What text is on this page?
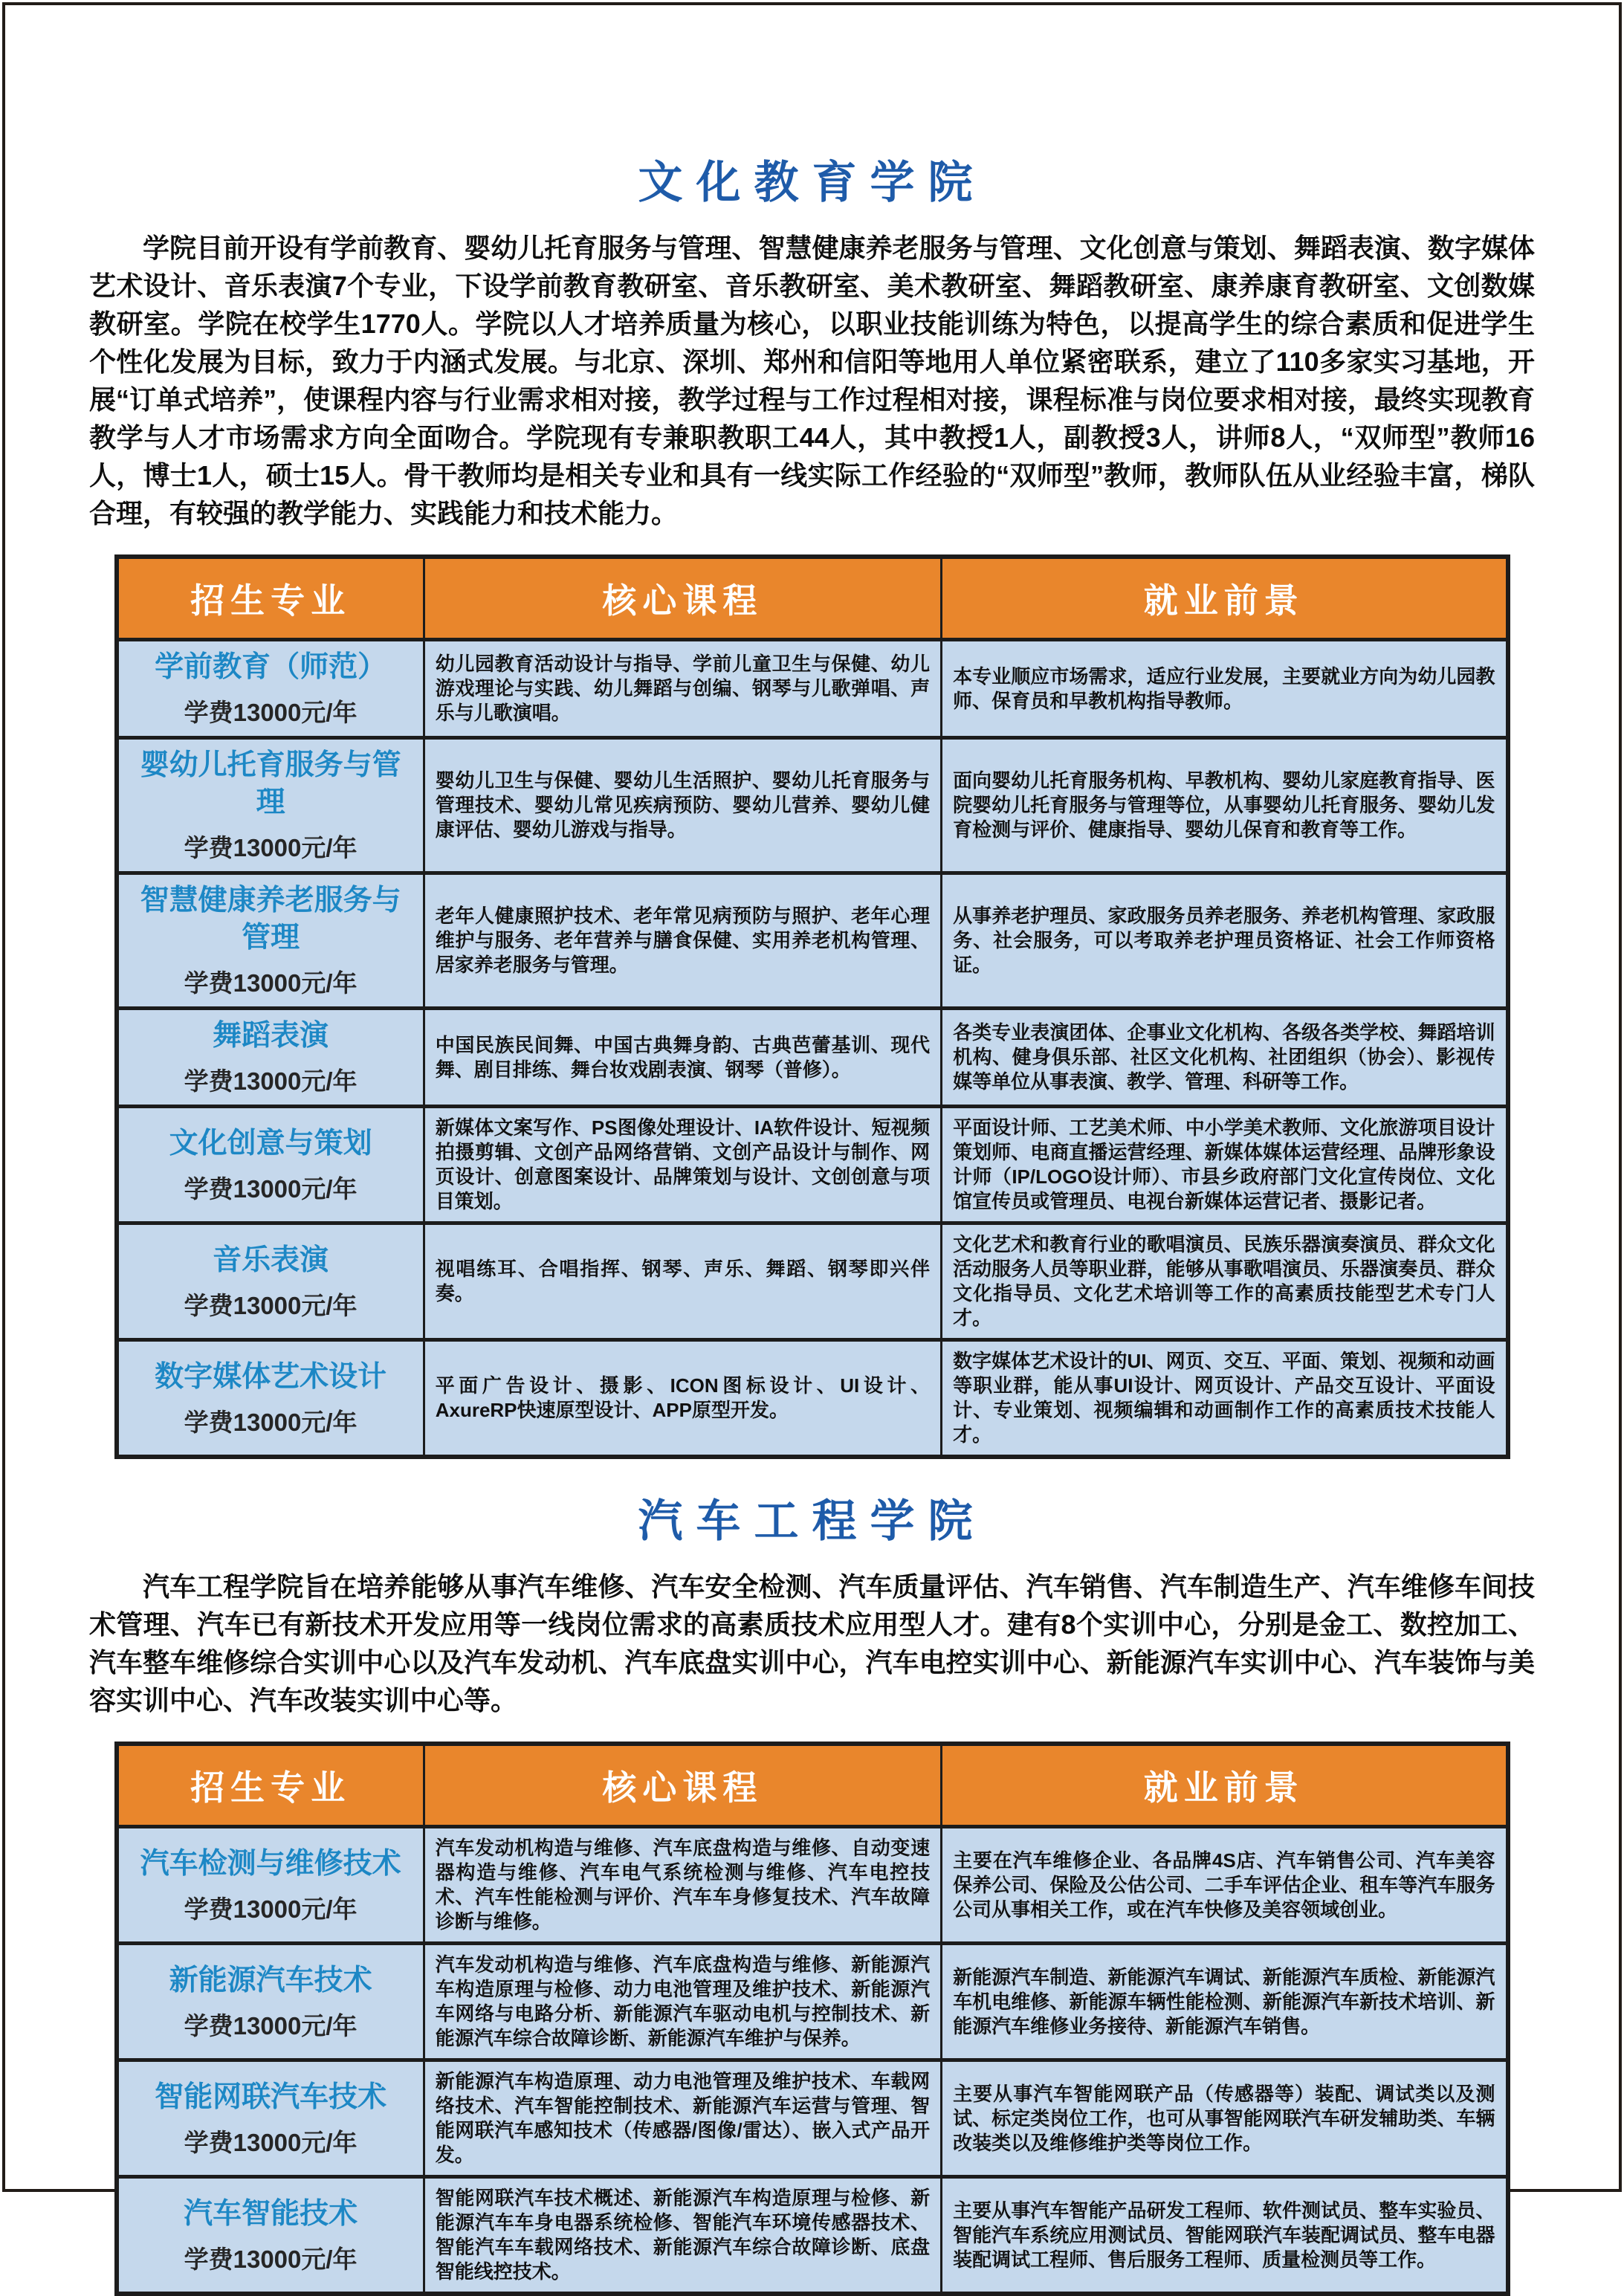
文化教育学院

学院目前开设有学前教育、婴幼儿托育服务与管理、智慧健康养老服务与管理、文化创意与策划、舞蹈表演、数字媒体艺术设计、音乐表演7个专业，下设学前教育教研室、音乐教研室、美术教研室、舞蹈教研室、康养康育教研室、文创数媒教研室。学院在校学生1770人。学院以人才培养质量为核心，以职业技能训练为特色，以提高学生的综合素质和促进学生个性化发展为目标，致力于内涵式发展。与北京、深圳、郑州和信阳等地用人单位紧密联系，建立了110多家实习基地，开展“订单式培养”，使课程内容与行业需求相对接，教学过程与工作过程相对接，课程标准与岗位要求相对接，最终实现教育教学与人才市场需求方向全面吻合。学院现有专兼职教职工44人，其中教授1人，副教授3人，讲师8人，“双师型”教师16人，博士1人，硕士15人。骨干教师均是相关专业和具有一线实际工作经验的“双师型”教师，教师队伍从业经验丰富，梯队合理，有较强的教学能力、实践能力和技术能力。

招生专业	核心课程	就业前景

学前教育（师范）
学费13000元/年	幼儿园教育活动设计与指导、学前儿童卫生与保健、幼儿游戏理论与实践、幼儿舞蹈与创编、钢琴与儿歌弹唱、声乐与儿歌演唱。	本专业顺应市场需求，适应行业发展，主要就业方向为幼儿园教师、保育员和早教机构指导教师。

婴幼儿托育服务与管理
学费13000元/年	婴幼儿卫生与保健、婴幼儿生活照护、婴幼儿托育服务与管理技术、婴幼儿常见疾病预防、婴幼儿营养、婴幼儿健康评估、婴幼儿游戏与指导。	面向婴幼儿托育服务机构、早教机构、婴幼儿家庭教育指导、医院婴幼儿托育服务与管理等位，从事婴幼儿托育服务、婴幼儿发育检测与评价、健康指导、婴幼儿保育和教育等工作。

智慧健康养老服务与管理
学费13000元/年	老年人健康照护技术、老年常见病预防与照护、老年心理维护与服务、老年营养与膳食保健、实用养老机构管理、居家养老服务与管理。	从事养老护理员、家政服务员养老服务、养老机构管理、家政服务、社会服务，可以考取养老护理员资格证、社会工作师资格证。

舞蹈表演
学费13000元/年	中国民族民间舞、中国古典舞身韵、古典芭蕾基训、现代舞、剧目排练、舞台妆戏剧表演、钢琴（普修）。	各类专业表演团体、企事业文化机构、各级各类学校、舞蹈培训机构、健身俱乐部、社区文化机构、社团组织（协会）、影视传媒等单位从事表演、教学、管理、科研等工作。

文化创意与策划
学费13000元/年	新媒体文案写作、PS图像处理设计、IA软件设计、短视频拍摄剪辑、文创产品网络营销、文创产品设计与制作、网页设计、创意图案设计、品牌策划与设计、文创创意与项目策划。	平面设计师、工艺美术师、中小学美术教师、文化旅游项目设计策划师、电商直播运营经理、新媒体媒体运营经理、品牌形象设计师（IP/LOGO设计师）、市县乡政府部门文化宣传岗位、文化馆宣传员或管理员、电视台新媒体运营记者、摄影记者。

音乐表演
学费13000元/年	视唱练耳、合唱指挥、钢琴、声乐、舞蹈、钢琴即兴伴奏。	文化艺术和教育行业的歌唱演员、民族乐器演奏演员、群众文化活动服务人员等职业群，能够从事歌唱演员、乐器演奏员、群众文化指导员、文化艺术培训等工作的高素质技能型艺术专门人才。

数字媒体艺术设计
学费13000元/年	平面广告设计、摄影、ICON图标设计、UI设计、AxureRP快速原型设计、APP原型开发。	数字媒体艺术设计的UI、网页、交互、平面、策划、视频和动画等职业群，能从事UI设计、网页设计、产品交互设计、平面设计、专业策划、视频编辑和动画制作工作的高素质技术技能人才。
汽车工程学院

汽车工程学院旨在培养能够从事汽车维修、汽车安全检测、汽车质量评估、汽车销售、汽车制造生产、汽车维修车间技术管理、汽车已有新技术开发应用等一线岗位需求的高素质技术应用型人才。建有8个实训中心，分别是金工、数控加工、汽车整车维修综合实训中心以及汽车发动机、汽车底盘实训中心，汽车电控实训中心、新能源汽车实训中心、汽车装饰与美容实训中心、汽车改装实训中心等。

招生专业	核心课程	就业前景

汽车检测与维修技术
学费13000元/年	汽车发动机构造与维修、汽车底盘构造与维修、自动变速器构造与维修、汽车电气系统检测与维修、汽车电控技术、汽车性能检测与评价、汽车车身修复技术、汽车故障诊断与维修。	主要在汽车维修企业、各品牌4S店、汽车销售公司、汽车美容保养公司、保险及公估公司、二手车评估企业、租车等汽车服务公司从事相关工作，或在汽车快修及美容领域创业。

新能源汽车技术
学费13000元/年	汽车发动机构造与维修、汽车底盘构造与维修、新能源汽车构造原理与检修、动力电池管理及维护技术、新能源汽车网络与电路分析、新能源汽车驱动电机与控制技术、新能源汽车综合故障诊断、新能源汽车维护与保养。	新能源汽车制造、新能源汽车调试、新能源汽车质检、新能源汽车机电维修、新能源车辆性能检测、新能源汽车新技术培训、新能源汽车维修业务接待、新能源汽车销售。

智能网联汽车技术
学费13000元/年	新能源汽车构造原理、动力电池管理及维护技术、车载网络技术、汽车智能控制技术、新能源汽车运营与管理、智能网联汽车感知技术（传感器/图像/雷达）、嵌入式产品开发。	主要从事汽车智能网联产品（传感器等）装配、调试类以及测试、标定类岗位工作，也可从事智能网联汽车研发辅助类、车辆改装类以及维修维护类等岗位工作。

汽车智能技术
学费13000元/年	智能网联汽车技术概述、新能源汽车构造原理与检修、新能源汽车车身电器系统检修、智能汽车环境传感器技术、智能汽车车载网络技术、新能源汽车综合故障诊断、底盘智能线控技术。	主要从事汽车智能产品研发工程师、软件测试员、整车实验员、智能汽车系统应用测试员、智能网联汽车装配调试员、整车电器装配调试工程师、售后服务工程师、质量检测员等工作。
